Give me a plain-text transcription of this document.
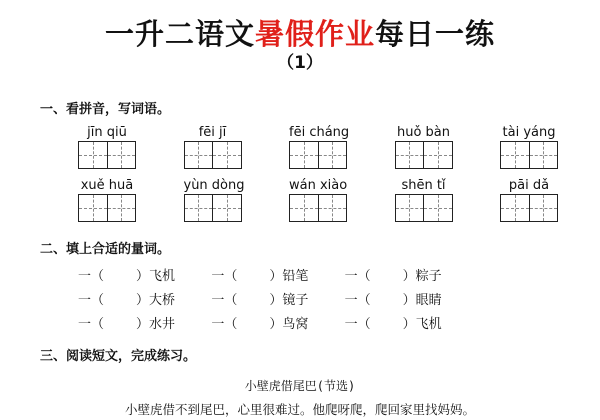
一升二语文暑假作业每日一练
（1）
一、看拼音，写词语。
jīn qiū	fēi jī	fēi cháng	huǒ bàn	tài yáng
xuě huā	yùn dòng	wán xiào	shēn tǐ	pāi dǎ
二、填上合适的量词。
一（ ）飞机	一（ ）铅笔	一（ ）粽子
一（ ）大桥	一（ ）镜子	一（ ）眼睛
一（ ）水井	一（ ）鸟窝	一（ ）飞机
三、阅读短文，完成练习。
小壁虎借尾巴(节选)
小壁虎借不到尾巴，心里很难过。他爬呀爬，爬回家里找妈妈。
